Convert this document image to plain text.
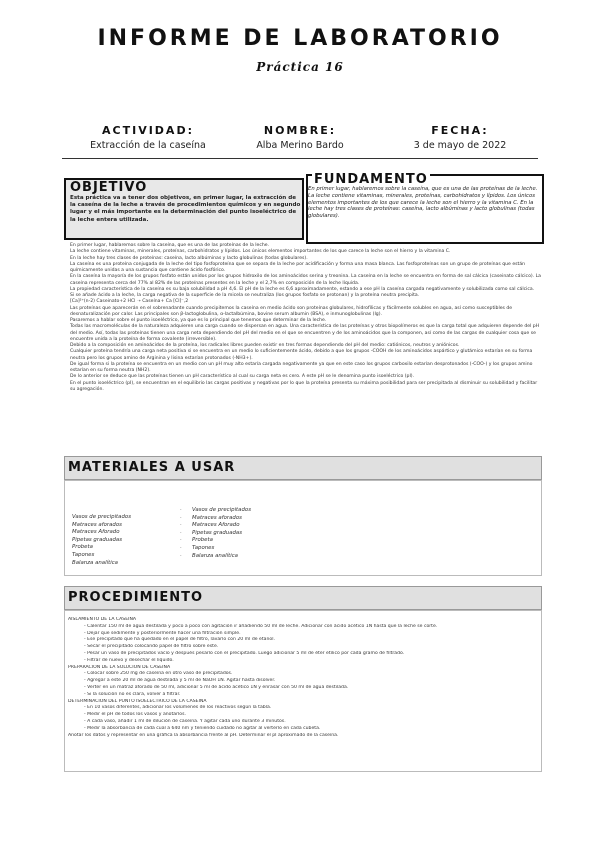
INFORME DE LABORATORIO
Práctica 16
ACTIVIDAD:
Extracción de la caseína
NOMBRE:
Alba Merino Bardo
FECHA:
3 de mayo de 2022
OBJETIVO
Esta práctica va a tener dos objetivos, en primer lugar, la extracción de la caseína de la leche a través de procedimientos químicos y en segundo lugar y el más importante es la determinación del punto isoeléctrico de la leche entera utilizada.
FUNDAMENTO
En primer lugar, hablaremos sobre la caseína, que es una de las proteínas de la leche. La leche contiene vitaminas, minerales, proteínas, carbohidratos y lípidos. Los únicos elementos importantes de los que carece la leche son el hierro y la vitamina C. En la leche hay tres clases de proteínas: caseína, lacto albúminas y lacto globulinas (todas globulares).

En primer lugar, hablaremos sobre la caseína, que es una de las proteínas de la leche.

La leche contiene vitaminas, minerales, proteínas, carbohidratos y lípidos. Los únicos elementos importantes de los que carece la leche son el hierro y la vitamina C.

En la leche hay tres clases de proteínas: caseína, lacto albúminas y lacto globulinas (todas globulares).

La caseína es una proteína conjugada de la leche del tipo fosfoproteína que se separa de la leche por acidificación y forma una masa blanca. Las fosfoproteínas son un grupo de proteínas que están químicamente unidas a una sustancia que contiene ácido fosfórico.

En la caseína la mayoría de los grupos fosfato están unidos por los grupos hidroxilo de los aminoácidos serina y treonina. La caseína en la leche se encuentra en forma de sal cálcica (caseinato cálcico). La caseína representa cerca del 77% al 82% de las proteínas presentes en la leche y el 2,7% en composición de la leche líquida.

La propiedad característica de la caseína es su baja solubilidad a pH 4,6. El pH de la leche es 6,6 aproximadamente, estando a ese pH la caseína cargada negativamente y solubilizada como sal cálcica.

Si se añade ácido a la leche, la carga negativa de la superficie de la micela se neutraliza (los grupos fosfato se protonan) y la proteína neutra precipita.

[Ca]²⁺(n-2) Caseinato+2 HCl ➝ Caseína+ Ca [Cl]⁻,2

Las proteínas que aparecerán en el sobrenadante cuando precipitemos la caseína en medio ácido son proteínas globulares, hidrofílicas y fácilmente solubles en agua, así como susceptibles de desnaturalización por calor. Las principales son β-lactoglobulina, α-lactalbúmina, bovine serum albumin (BSA), e inmunoglobulinas (Ig).

Pasaremos a hablar sobre el punto isoeléctrico, ya que es lo principal que tenemos que determinar de la leche.

Todas las macromoléculas de la naturaleza adquieren una carga cuando se dispersan en agua. Una característica de las proteínas y otros biopolímeros es que la carga total que adquieren depende del pH del medio. Así, todas las proteínas tienen una carga neta dependiendo del pH del medio en el que se encuentren y de los aminoácidos que la componen, así como de las cargas de cualquier cosa que se encuentre unida a la proteína de forma covalente (irreversible).

Debido a la composición en aminoácidos de la proteína, los radicales libres pueden existir en tres formas dependiendo del pH del medio: catiónicos, neutros y aniónicos.

Cualquier proteína tendría una carga neta positiva si se encuentra en un medio lo suficientemente ácido, debido a que los grupos -COOH de los aminoácidos aspártico y glutámico estarían en su forma neutra pero los grupos amino de Arginina y lisina estarían protonados (-NH3+).

De igual forma si la proteína se encuentra en un medio con un pH muy alto estaría cargada negativamente ya que en este caso los grupos carboxilo estarían desprotonados (-COO-) y los grupos amino estarían en su forma neutra (NH2).

De lo anterior se deduce que las proteínas tienen un pH característico al cual su carga neta es cero. A este pH se le denomina punto isoeléctrico (pI).

En el punto isoeléctrico (pI), se encuentran en el equilibrio las cargas positivas y negativas por lo que la proteína presenta su máxima posibilidad para ser precipitada al disminuir su solubilidad y facilitar su agregación.

MATERIALES A USAR
Vasos de precipitados
Matraces aforados
Matraces Aforado
Pipetas graduadas
Probeta
Tapones
Balanza analítica
·
·
·
·
·
·
·
Vasos de precipitados
Matraces aforados
Matraces Aforado
Pipetas graduadas
Probeta
Tapones
Balanza analítica
PROCEDIMIENTO
AISLAMIENTO DE LA CASEÍNA
- Calentar 150 ml de agua destilada y poco a poco con agitación ir añadiendo 50 ml de leche. Adicionar con ácido acético 1N hasta que la leche se corte.
- Dejar que sedimente y posteriormente hacer una filtración simple.
- Ese precipitado que ha quedado en el papel de filtro, lavarlo con 20 ml de etanol.
- Secar el precipitado colocando papel de filtro sobre este.
- Pesar un vaso de precipitados vacío y después pesarlo con el precipitado. Luego adicionar 5 ml de éter etílico por cada gramo de filtrado.
- Filtrar de nuevo y desechar el líquido.
PREPARACIÓN DE LA SOLUCIÓN DE CASEÍNA
- Colocar sobre 250 mg de caseína en otro vaso de precipitados.
- Agregar a este 20 ml de agua destilada y 5 ml de NaOH 1N. Agitar hasta disolver.
- Verter en un matraz aforado de 50 ml, adicionar 5 ml de ácido acético 1N y enrasar con 50 ml de agua destilada.
- Si la solución no es clara, volver a filtrar.
DETERMINACIÓN DEL PUNTO ISOELÉCTRICO DE LA CASEÍNA
- En 10 vasos diferentes, adicionar los volúmenes de los reactivos según la tabla.
- Medir el pH de todos los vasos y anotarlos.
- A cada vaso, añadir 1 ml de dilución de caseína. Y agitar cada uno durante 3 minutos.
- Medir la absorbancia de cada cual a 640 nm y teniendo cuidado no agitar al verterlo en cada cubeta.
Anotar los datos y representar en una gráfica la absorbancia frente al pH. Determinar el pI aproximado de la caseína.
